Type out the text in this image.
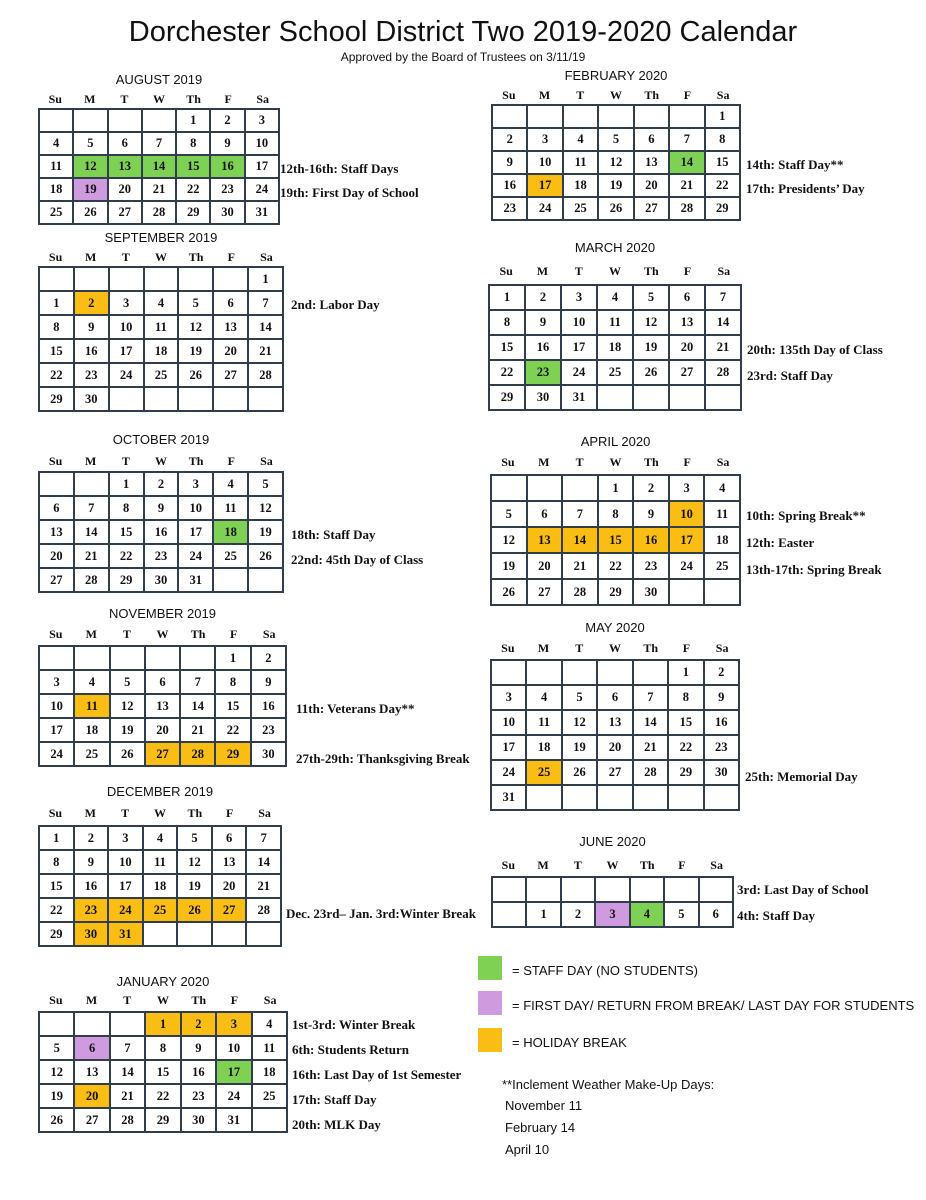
Dorchester School District Two 2019-2020 Calendar
Approved by the Board of Trustees on 3/11/19
AUGUST 2019
Su	M	T	W	Th	F	Sa
				1	2	3
4	5	6	7	8	9	10
11	12	13	14	15	16	17
18	19	20	21	22	23	24
25	26	27	28	29	30	31
12th-16th: Staff Days
19th: First Day of School
SEPTEMBER 2019
Su	M	T	W	Th	F	Sa
						1
1	2	3	4	5	6	7
8	9	10	11	12	13	14
15	16	17	18	19	20	21
22	23	24	25	26	27	28
29	30					
2nd: Labor Day
OCTOBER 2019
Su	M	T	W	Th	F	Sa
		1	2	3	4	5
6	7	8	9	10	11	12
13	14	15	16	17	18	19
20	21	22	23	24	25	26
27	28	29	30	31		
18th: Staff Day
22nd: 45th Day of Class
NOVEMBER 2019
Su	M	T	W	Th	F	Sa
					1	2
3	4	5	6	7	8	9
10	11	12	13	14	15	16
17	18	19	20	21	22	23
24	25	26	27	28	29	30
11th: Veterans Day**
27th-29th: Thanksgiving Break
DECEMBER 2019
Su	M	T	W	Th	F	Sa
1	2	3	4	5	6	7
8	9	10	11	12	13	14
15	16	17	18	19	20	21
22	23	24	25	26	27	28
29	30	31				
Dec. 23rd– Jan. 3rd:Winter Break
JANUARY 2020
Su	M	T	W	Th	F	Sa
			1	2	3	4
5	6	7	8	9	10	11
12	13	14	15	16	17	18
19	20	21	22	23	24	25
26	27	28	29	30	31	
1st-3rd: Winter Break
6th: Students Return
16th: Last Day of 1st Semester
17th: Staff Day
20th: MLK Day
FEBRUARY 2020
Su	M	T	W	Th	F	Sa
						1
2	3	4	5	6	7	8
9	10	11	12	13	14	15
16	17	18	19	20	21	22
23	24	25	26	27	28	29
14th: Staff Day**
17th: Presidents’ Day
MARCH 2020
Su	M	T	W	Th	F	Sa
1	2	3	4	5	6	7
8	9	10	11	12	13	14
15	16	17	18	19	20	21
22	23	24	25	26	27	28
29	30	31				
20th: 135th Day of Class
23rd: Staff Day
APRIL 2020
Su	M	T	W	Th	F	Sa
			1	2	3	4
5	6	7	8	9	10	11
12	13	14	15	16	17	18
19	20	21	22	23	24	25
26	27	28	29	30		
10th: Spring Break**
12th: Easter
13th-17th: Spring Break
MAY 2020
Su	M	T	W	Th	F	Sa
					1	2
3	4	5	6	7	8	9
10	11	12	13	14	15	16
17	18	19	20	21	22	23
24	25	26	27	28	29	30
31						
25th: Memorial Day
JUNE 2020
Su	M	T	W	Th	F	Sa

	1	2	3	4	5	6
3rd: Last Day of School
4th: Staff Day
= STAFF DAY (NO STUDENTS)
= FIRST DAY/ RETURN FROM BREAK/ LAST DAY FOR STUDENTS
= HOLIDAY BREAK
**Inclement Weather Make-Up Days:
November 11
February 14
April 10
